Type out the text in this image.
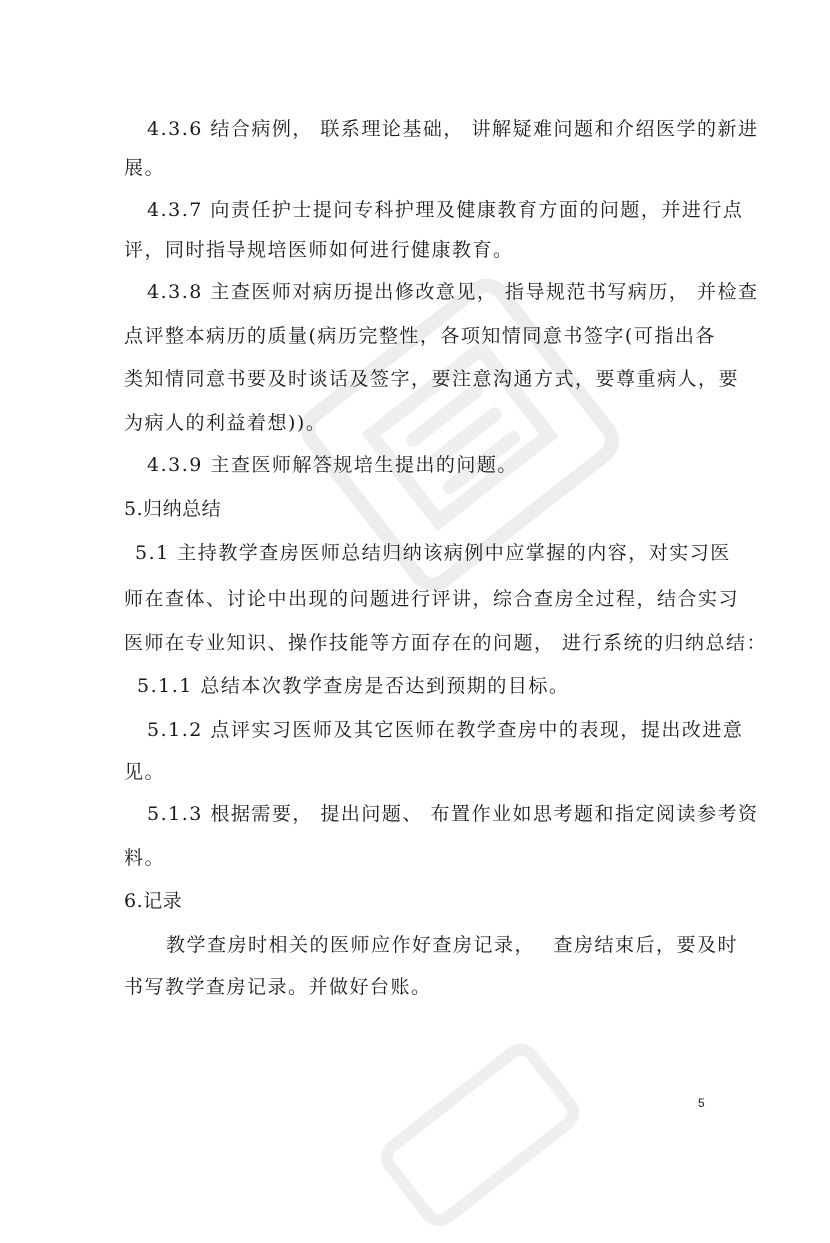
4.3.6 结合病例， 联系理论基础， 讲解疑难问题和介绍医学的新进
展。
4.3.7 向责任护士提问专科护理及健康教育方面的问题，并进行点
评，同时指导规培医师如何进行健康教育。
4.3.8 主查医师对病历提出修改意见， 指导规范书写病历， 并检查
点评整本病历的质量(病历完整性，各项知情同意书签字(可指出各
类知情同意书要及时谈话及签字，要注意沟通方式，要尊重病人，要
为病人的利益着想))。
4.3.9 主查医师解答规培生提出的问题。
5.归纳总结
5.1 主持教学查房医师总结归纳该病例中应掌握的内容，对实习医
师在查体、讨论中出现的问题进行评讲，综合查房全过程，结合实习
医师在专业知识、操作技能等方面存在的问题， 进行系统的归纳总结：
5.1.1 总结本次教学查房是否达到预期的目标。
5.1.2 点评实习医师及其它医师在教学查房中的表现，提出改进意
见。
5.1.3 根据需要， 提出问题、 布置作业如思考题和指定阅读参考资
料。
6.记录
教学查房时相关的医师应作好查房记录，　 查房结束后，要及时
书写教学查房记录。并做好台账。
5
